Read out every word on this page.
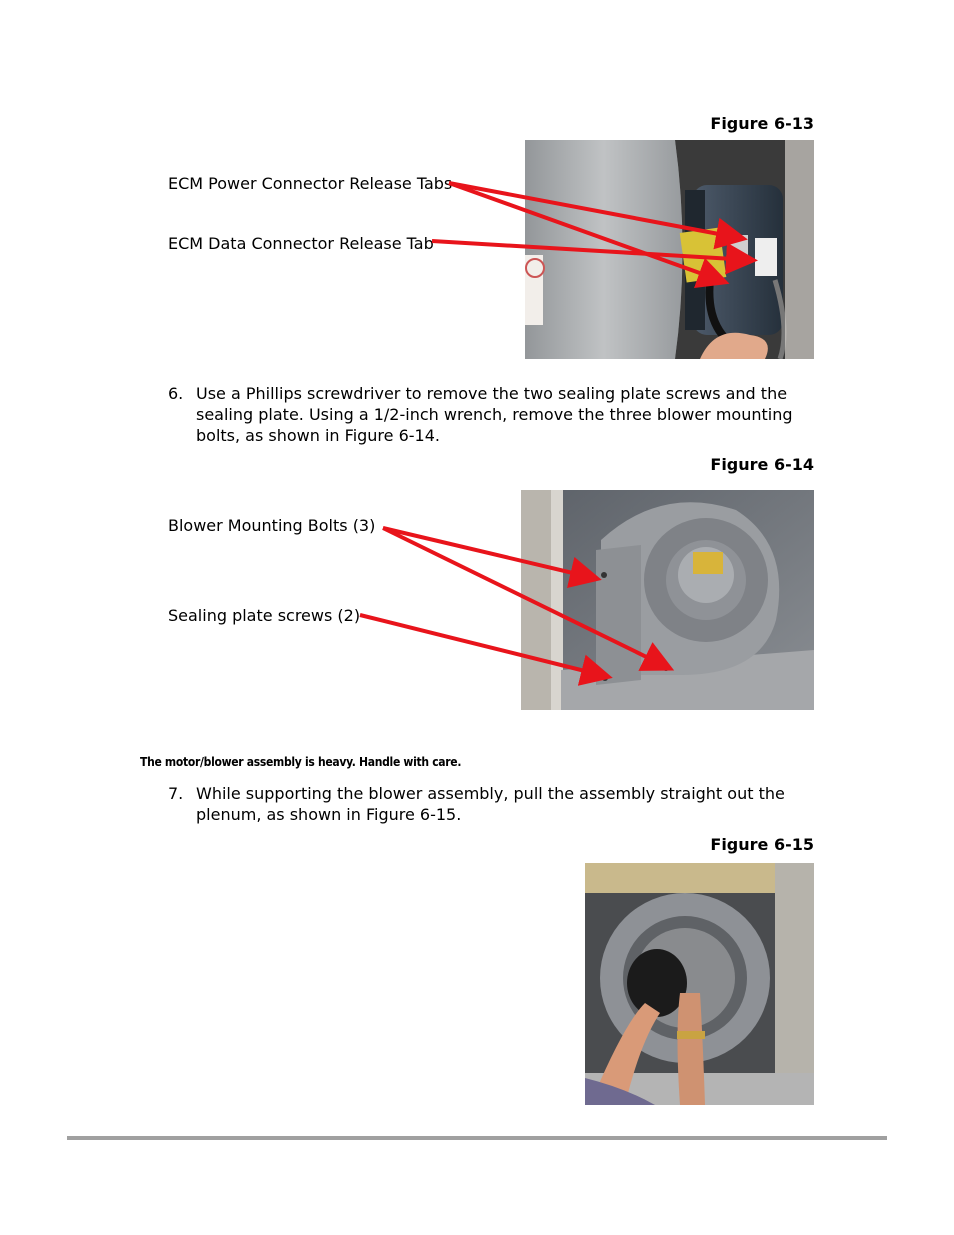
Figure 6-13
ECM Power Connector Release Tabs
ECM Data Connector Release Tab
6. Use a Phillips screwdriver to remove the two sealing plate screws and the sealing plate. Using a 1/2-inch wrench, remove the three blower mounting bolts, as shown in Figure 6-14.
Figure 6-14
Blower Mounting Bolts (3)
Sealing plate screws (2)
The motor/blower assembly is heavy. Handle with care.
7. While supporting the blower assembly, pull the assembly straight out the plenum, as shown in Figure 6-15.
Figure 6-15
